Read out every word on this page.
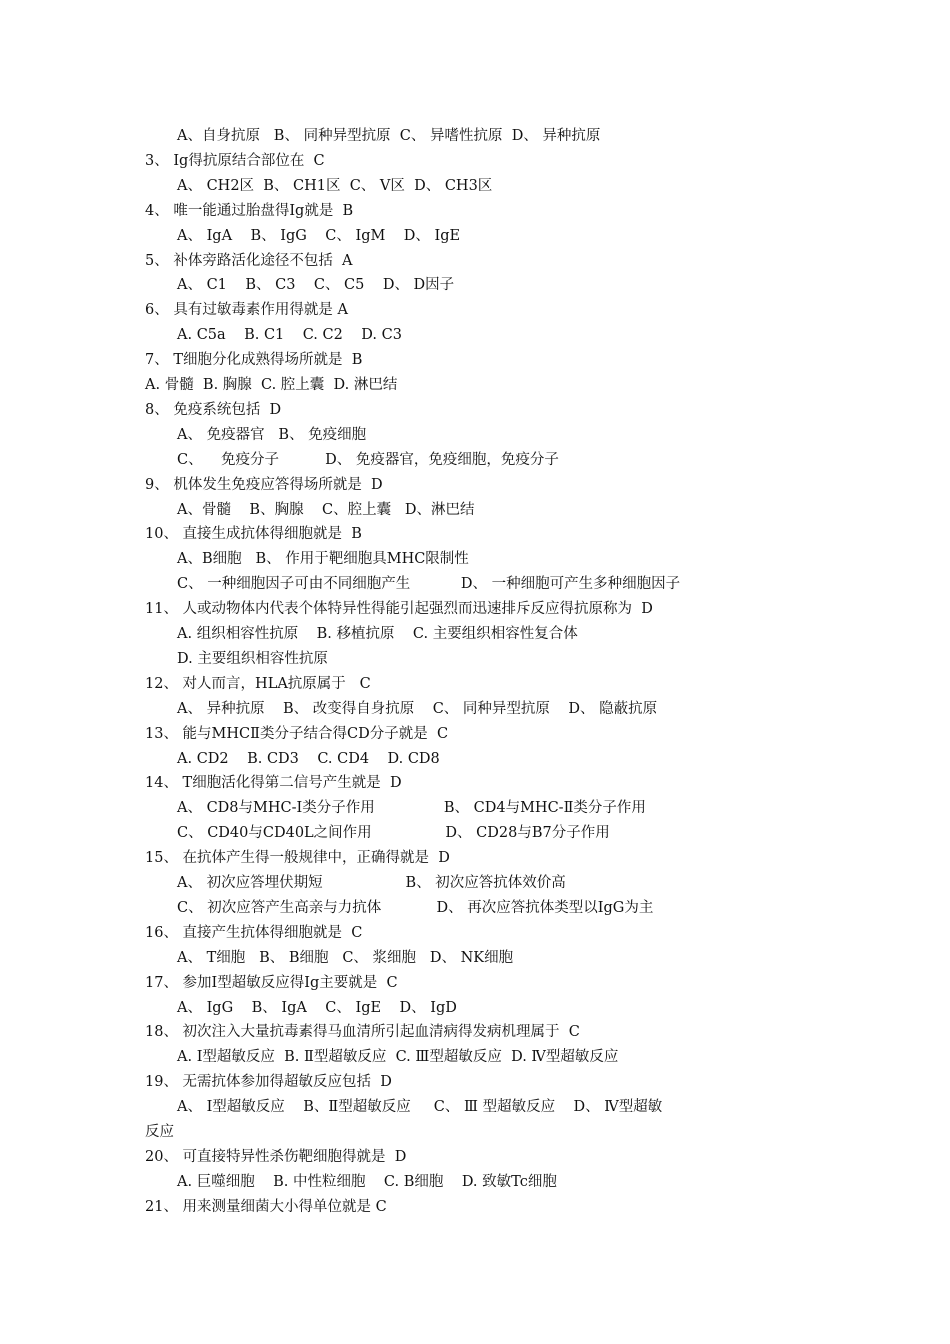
A、自身抗原   B、 同种异型抗原  C、 异嗜性抗原  D、 异种抗原
3、 Ig得抗原结合部位在  C
A、 CH2区  B、 CH1区  C、 V区  D、 CH3区
4、 唯一能通过胎盘得Ig就是  B
A、 IgA    B、 IgG    C、 IgM    D、 IgE
5、 补体旁路活化途径不包括  A
A、 C1    B、 C3    C、 C5    D、 D因子
6、 具有过敏毒素作用得就是 A
A. C5a    B. C1    C. C2    D. C3
7、 T细胞分化成熟得场所就是  B
A. 骨髓  B. 胸腺  C. 腔上囊  D. 淋巴结
8、 免疫系统包括  D
A、 免疫器官   B、 免疫细胞
C、    免疫分子          D、 免疫器官，免疫细胞，免疫分子
9、 机体发生免疫应答得场所就是  D
A、骨髓    B、胸腺    C、腔上囊   D、淋巴结
10、 直接生成抗体得细胞就是  B
A、B细胞   B、 作用于靶细胞具MHC限制性
C、 一种细胞因子可由不同细胞产生           D、 一种细胞可产生多种细胞因子
11、 人或动物体内代表个体特异性得能引起强烈而迅速排斥反应得抗原称为  D
A. 组织相容性抗原    B. 移植抗原    C. 主要组织相容性复合体
D. 主要组织相容性抗原
12、 对人而言，HLA抗原属于   C
A、 异种抗原    B、 改变得自身抗原    C、 同种异型抗原    D、 隐蔽抗原
13、 能与MHCⅡ类分子结合得CD分子就是  C
A. CD2    B. CD3    C. CD4    D. CD8
14、 T细胞活化得第二信号产生就是  D
A、 CD8与MHC-Ⅰ类分子作用               B、 CD4与MHC-Ⅱ类分子作用
C、 CD40与CD40L之间作用                D、 CD28与B7分子作用
15、 在抗体产生得一般规律中，正确得就是  D
A、 初次应答埋伏期短                  B、 初次应答抗体效价高
C、 初次应答产生高亲与力抗体            D、 再次应答抗体类型以IgG为主
16、 直接产生抗体得细胞就是  C
A、 T细胞   B、 B细胞   C、 浆细胞   D、 NK细胞
17、 参加Ⅰ型超敏反应得Ig主要就是  C
A、 IgG    B、 IgA    C、 IgE    D、 IgD
18、 初次注入大量抗毒素得马血清所引起血清病得发病机理属于  C
A. Ⅰ型超敏反应  B. Ⅱ型超敏反应  C. Ⅲ型超敏反应  D. Ⅳ型超敏反应
19、 无需抗体参加得超敏反应包括  D
A、 Ⅰ型超敏反应    B、Ⅱ型超敏反应     C、 Ⅲ 型超敏反应    D、 Ⅳ型超敏
反应
20、 可直接特异性杀伤靶细胞得就是  D
A. 巨噬细胞    B. 中性粒细胞    C. B细胞    D. 致敏Tc细胞
21、 用来测量细菌大小得单位就是 C
